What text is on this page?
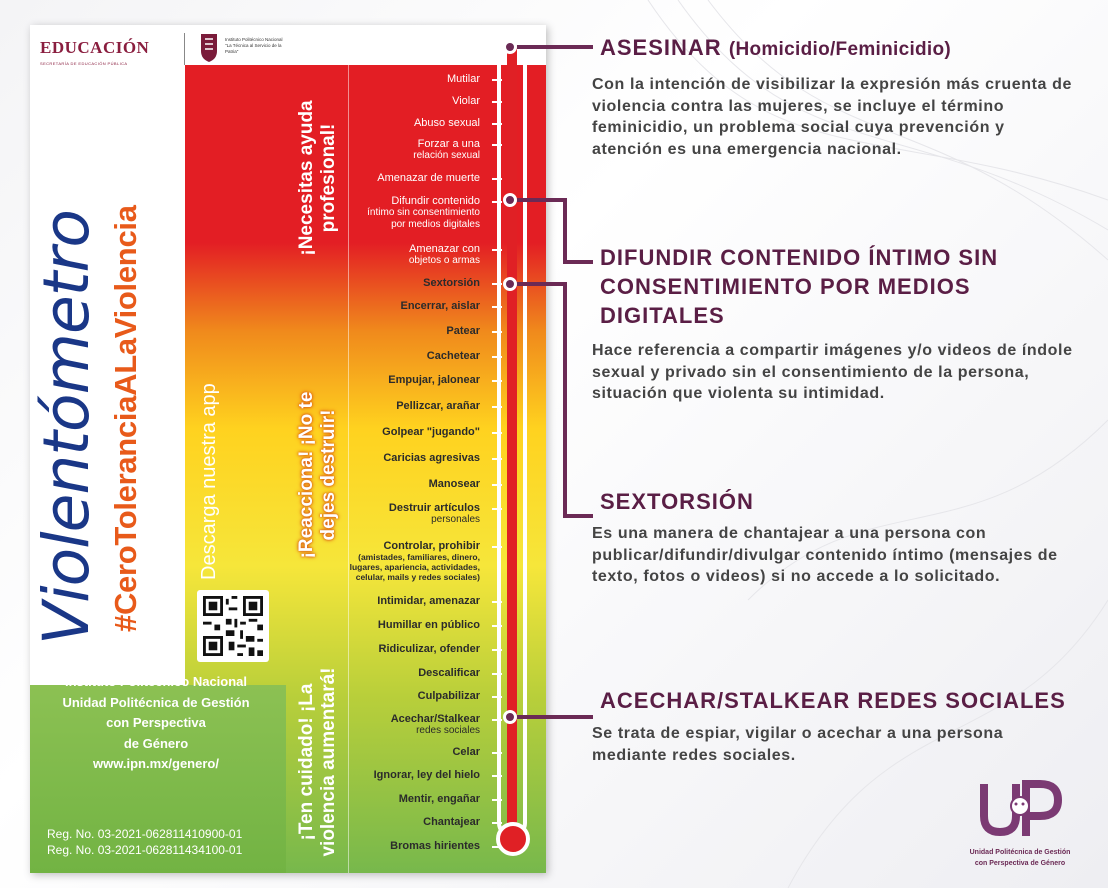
EDUCACIÓN
SECRETARÍA DE EDUCACIÓN PÚBLICA
Instituto Politécnico Nacional
"La Técnica al Servicio de la Patria"
Violentómetro #CeroToleranciaALaViolencia	Descarga nuestra app
Instituto Politécnico Nacional
Unidad Politécnica de Gestión
con Perspectiva
de Género
www.ipn.mx/genero/
Reg. No. 03-2021-062811410900-01
Reg. No. 03-2021-062811434100-01
¡Necesitas ayuda profesional!
¡Reacciona! ¡No te dejes destruir!
¡Ten cuidado! ¡La violencia aumentará!
ASESINAR
(Homicidio/Feminicidio)
Mutilar
Violar
Abuso sexual
Forzar a una
relación sexual
Amenazar de muerte
Difundir contenido
íntimo sin consentimiento
por medios digitales
Amenazar con
objetos o armas
Sextorsión
Encerrar, aislar
Patear
Cachetear
Empujar, jalonear
Pellizcar, arañar
Golpear "jugando"
Caricias agresivas
Manosear
Destruir artículos
personales
Controlar, prohibir
(amistades, familiares, dinero,
lugares, apariencia, actividades,
celular, mails y redes sociales)
Intimidar, amenazar
Humillar en público
Ridiculizar, ofender
Descalificar
Culpabilizar
Acechar/Stalkear
redes sociales
Celar
Ignorar, ley del hielo
Mentir, engañar
Chantajear
Bromas hirientes
ASESINAR (Homicidio/Feminicidio)
Con la intención de visibilizar la expresión más cruenta de violencia contra las mujeres, se incluye el término feminicidio, un problema social cuya prevención y atención es una emergencia nacional.
DIFUNDIR CONTENIDO ÍNTIMO SIN CONSENTIMIENTO POR MEDIOS DIGITALES
Hace referencia a compartir imágenes y/o videos de índole sexual y privado sin el consentimiento de la persona, situación que violenta su intimidad.
SEXTORSIÓN
Es una manera de chantajear a una persona con publicar/difundir/divulgar contenido íntimo (mensajes de texto, fotos o videos) si no accede a lo solicitado.
ACECHAR/STALKEAR REDES SOCIALES
Se trata de espiar, vigilar o acechar a una persona mediante redes sociales.
Unidad Politécnica de Gestión
con Perspectiva de Género
